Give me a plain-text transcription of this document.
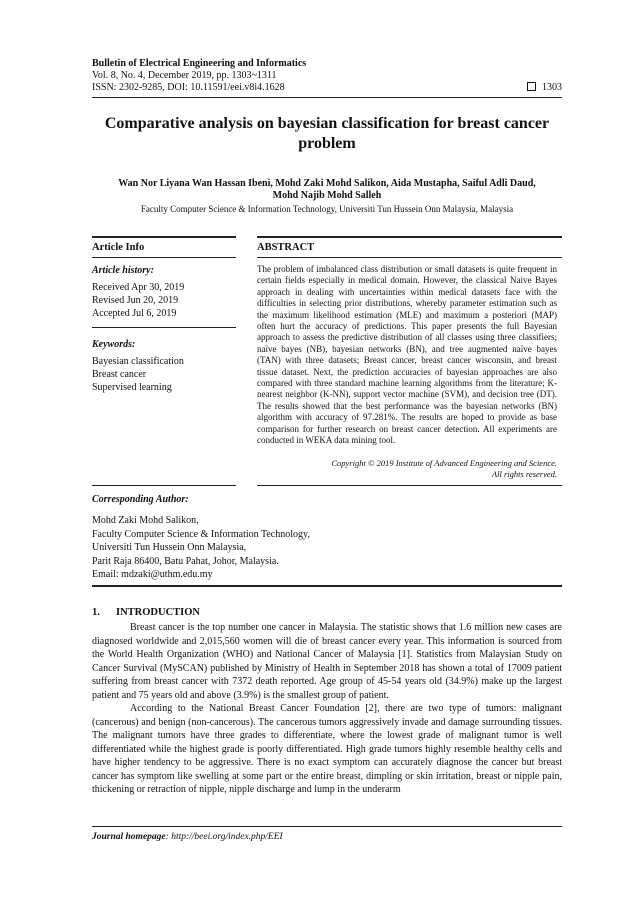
Bulletin of Electrical Engineering and Informatics
Vol. 8, No. 4, December 2019, pp. 1303~1311
ISSN: 2302-9285, DOI: 10.11591/eei.v8i4.1628	1303
Comparative analysis on bayesian classification for breast cancer problem
Wan Nor Liyana Wan Hassan Ibeni, Mohd Zaki Mohd Salikon, Aida Mustapha, Saiful Adli Daud,
Mohd Najib Mohd Salleh
Faculty Computer Science & Information Technology, Universiti Tun Hussein Onn Malaysia, Malaysia
Article Info	ABSTRACT
Article history:
Received Apr 30, 2019
Revised Jun 20, 2019
Accepted Jul 6, 2019
Keywords:
Bayesian classification
Breast cancer
Supervised learning
The problem of imbalanced class distribution or small datasets is quite frequent in certain fields especially in medical domain. However, the classical Naive Bayes approach in dealing with uncertainties within medical datasets face with the difficulties in selecting prior distributions, whereby parameter estimation such as the maximum likelihood estimation (MLE) and maximum a posteriori (MAP) often hurt the accuracy of predictions. This paper presents the full Bayesian approach to assess the predictive distribution of all classes using three classifiers; naïve bayes (NB), bayesian networks (BN), and tree augmented naïve bayes (TAN) with three datasets; Breast cancer, breast cancer wisconsin, and breast tissue dataset. Next, the prediction accuracies of bayesian approaches are also compared with three standard machine learning algorithms from the literature; K-nearest neighbor (K-NN), support vector machine (SVM), and decision tree (DT). The results showed that the best performance was the bayesian networks (BN) algorithm with accuracy of 97.281%. The results are hoped to provide as base comparison for further research on breast cancer detection. All experiments are conducted in WEKA data mining tool.
Copyright © 2019 Institute of Advanced Engineering and Science.
All rights reserved.
Corresponding Author:
Mohd Zaki Mohd Salikon,
Faculty Computer Science & Information Technology,
Universiti Tun Hussein Onn Malaysia,
Parit Raja 86400, Batu Pahat, Johor, Malaysia.
Email: mdzaki@uthm.edu.my
1. INTRODUCTION

Breast cancer is the top number one cancer in Malaysia. The statistic shows that 1.6 million new cases are diagnosed worldwide and 2,015,560 women will die of breast cancer every year. This information is sourced from the World Health Organization (WHO) and National Cancer of Malaysia [1]. Statistics from Malaysian Study on Cancer Survival (MySCAN) published by Ministry of Health in September 2018 has shown a total of 17009 patient suffering from breast cancer with 7372 death reported. Age group of 45-54 years old (34.9%) make up the largest patient and 75 years old and above (3.9%) is the smallest group of patient.

According to the National Breast Cancer Foundation [2], there are two type of tumors: malignant (cancerous) and benign (non-cancerous). The cancerous tumors aggressively invade and damage surrounding tissues. The malignant tumors have three grades to differentiate, where the lowest grade of malignant tumor is well differentiated while the highest grade is poorly differentiated. High grade tumors highly resemble healthy cells and have higher tendency to be aggressive. There is no exact symptom can accurately diagnose the cancer but breast cancer has symptom like swelling at some part or the entire breast, dimpling or skin irritation, breast or nipple pain, thickening or retraction of nipple, nipple discharge and lump in the underarm

Journal homepage: http://beei.org/index.php/EEI
